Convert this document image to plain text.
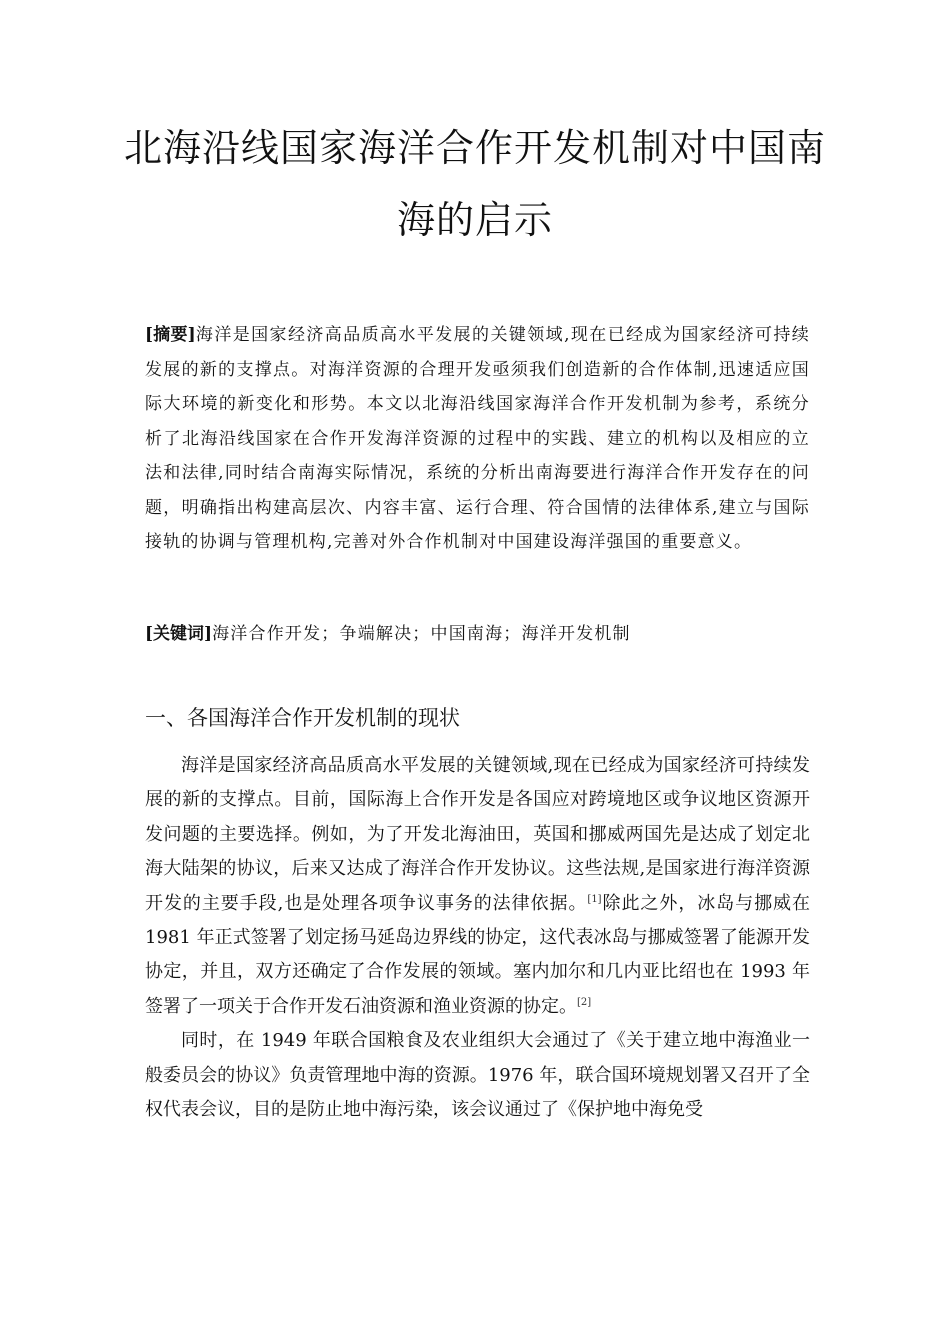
北海沿线国家海洋合作开发机制对中国南
海的启示

[摘要]海洋是国家经济高品质高水平发展的关键领域,现在已经成为国家经济可持续发展的新的支撑点。对海洋资源的合理开发亟须我们创造新的合作体制,迅速适应国际大环境的新变化和形势。本文以北海沿线国家海洋合作开发机制为参考，系统分析了北海沿线国家在合作开发海洋资源的过程中的实践、建立的机构以及相应的立法和法律,同时结合南海实际情况，系统的分析出南海要进行海洋合作开发存在的问题，明确指出构建高层次、内容丰富、运行合理、符合国情的法律体系,建立与国际接轨的协调与管理机构,完善对外合作机制对中国建设海洋强国的重要意义。

[关键词]海洋合作开发；争端解决；中国南海；海洋开发机制

一、各国海洋合作开发机制的现状

海洋是国家经济高品质高水平发展的关键领域,现在已经成为国家经济可持续发展的新的支撑点。目前，国际海上合作开发是各国应对跨境地区或争议地区资源开发问题的主要选择。例如，为了开发北海油田，英国和挪威两国先是达成了划定北海大陆架的协议，后来又达成了海洋合作开发协议。这些法规,是国家进行海洋资源开发的主要手段,也是处理各项争议事务的法律依据。[1]除此之外，冰岛与挪威在 1981 年正式签署了划定扬马延岛边界线的协定，这代表冰岛与挪威签署了能源开发协定，并且，双方还确定了合作发展的领域。塞内加尔和几内亚比绍也在 1993 年签署了一项关于合作开发石油资源和渔业资源的协定。[2]

同时，在 1949 年联合国粮食及农业组织大会通过了《关于建立地中海渔业一般委员会的协议》负责管理地中海的资源。1976 年，联合国环境规划署又召开了全权代表会议，目的是防止地中海污染，该会议通过了《保护地中海免受
